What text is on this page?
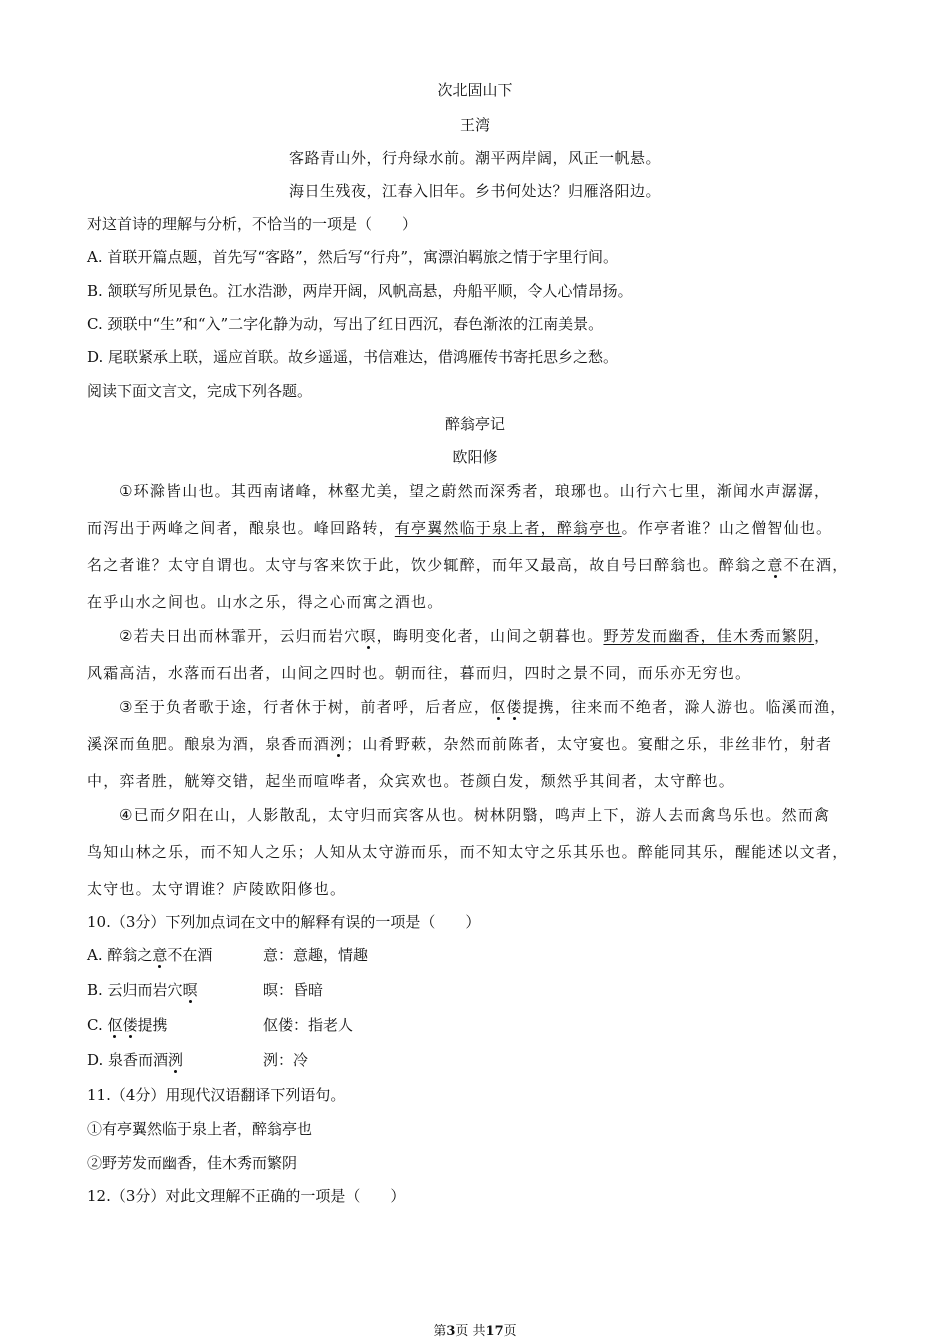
次北固山下
王湾
客路青山外，行舟绿水前。潮平两岸阔，风正一帆悬。
海日生残夜，江春入旧年。乡书何处达？归雁洛阳边。
对这首诗的理解与分析，不恰当的一项是（　　）
A. 首联开篇点题，首先写“客路”，然后写“行舟”，寓漂泊羁旅之情于字里行间。
B. 颔联写所见景色。江水浩渺，两岸开阔，风帆高悬，舟船平顺，令人心情昂扬。
C. 颈联中“生”和“入”二字化静为动，写出了红日西沉，春色渐浓的江南美景。
D. 尾联紧承上联，遥应首联。故乡遥遥，书信难达，借鸿雁传书寄托思乡之愁。
阅读下面文言文，完成下列各题。
醉翁亭记
欧阳修
①环滁皆山也。其西南诸峰，林壑尤美，望之蔚然而深秀者，琅琊也。山行六七里，渐闻水声潺潺，
而泻出于两峰之间者，酿泉也。峰回路转，有亭翼然临于泉上者，醉翁亭也。作亭者谁？山之僧智仙也。
名之者谁？太守自谓也。太守与客来饮于此，饮少辄醉，而年又最高，故自号曰醉翁也。醉翁之意不在酒，
在乎山水之间也。山水之乐，得之心而寓之酒也。
②若夫日出而林霏开，云归而岩穴暝，晦明变化者，山间之朝暮也。野芳发而幽香，佳木秀而繁阴，
风霜高洁，水落而石出者，山间之四时也。朝而往，暮而归，四时之景不同，而乐亦无穷也。
③至于负者歌于途，行者休于树，前者呼，后者应，伛偻提携，往来而不绝者，滁人游也。临溪而渔，
溪深而鱼肥。酿泉为酒，泉香而酒洌；山肴野蔌，杂然而前陈者，太守宴也。宴酣之乐，非丝非竹，射者
中，弈者胜，觥筹交错，起坐而喧哗者，众宾欢也。苍颜白发，颓然乎其间者，太守醉也。
④已而夕阳在山，人影散乱，太守归而宾客从也。树林阴翳，鸣声上下，游人去而禽鸟乐也。然而禽
鸟知山林之乐，而不知人之乐；人知从太守游而乐，而不知太守之乐其乐也。醉能同其乐，醒能述以文者，
太守也。太守谓谁？庐陵欧阳修也。
10.（3分）下列加点词在文中的解释有误的一项是（　　）
A. 醉翁之意不在酒	意：意趣，情趣
B. 云归而岩穴暝	暝：昏暗
C. 伛偻提携	伛偻：指老人
D. 泉香而酒洌	洌：冷
11.（4分）用现代汉语翻译下列语句。
①有亭翼然临于泉上者，醉翁亭也
②野芳发而幽香，佳木秀而繁阴
12.（3分）对此文理解不正确的一项是（　　）
第3页 共17页
